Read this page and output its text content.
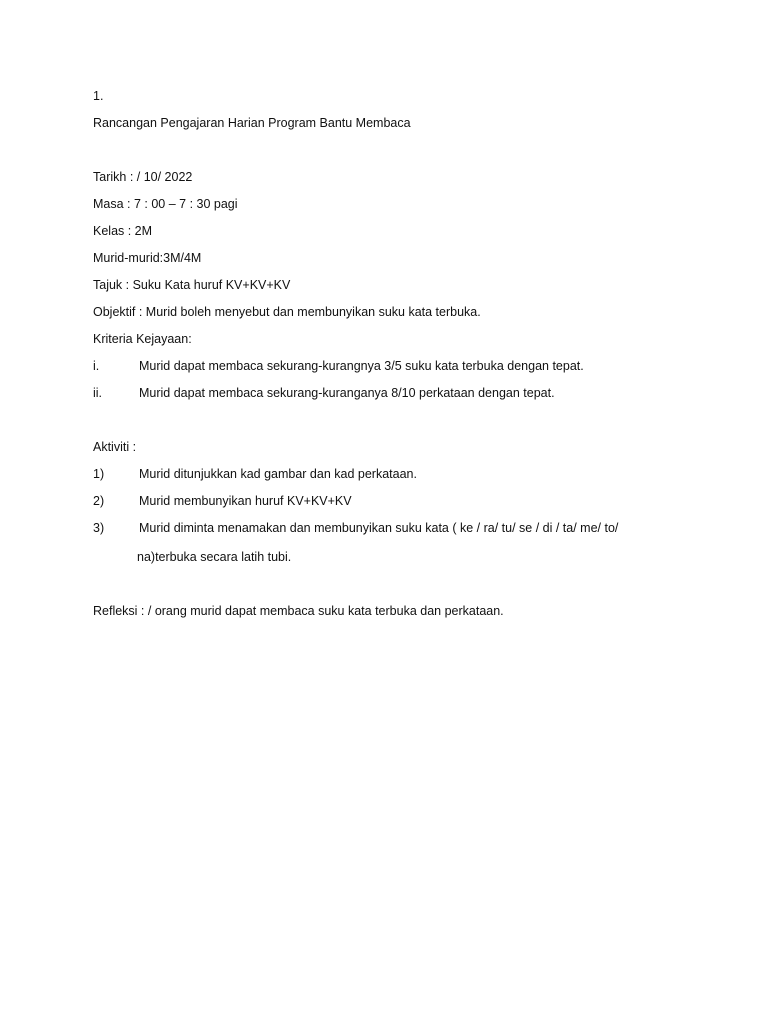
1.
Rancangan Pengajaran Harian Program Bantu Membaca
Tarikh : / 10/ 2022
Masa : 7 : 00 – 7 : 30 pagi
Kelas : 2M
Murid-murid:3M/4M
Tajuk : Suku Kata huruf KV+KV+KV
Objektif : Murid boleh menyebut dan membunyikan suku kata terbuka.
Kriteria Kejayaan:
i.	Murid dapat membaca sekurang-kurangnya 3/5 suku kata terbuka dengan tepat.
ii.	Murid dapat membaca sekurang-kuranganya 8/10 perkataan dengan tepat.
Aktiviti :
1)	Murid ditunjukkan kad gambar dan kad perkataan.
2)	Murid membunyikan huruf KV+KV+KV
3)	Murid diminta menamakan dan membunyikan suku kata ( ke / ra/ tu/ se / di / ta/ me/ to/
na)terbuka secara latih tubi.
Refleksi : / orang murid dapat membaca suku kata terbuka dan perkataan.
